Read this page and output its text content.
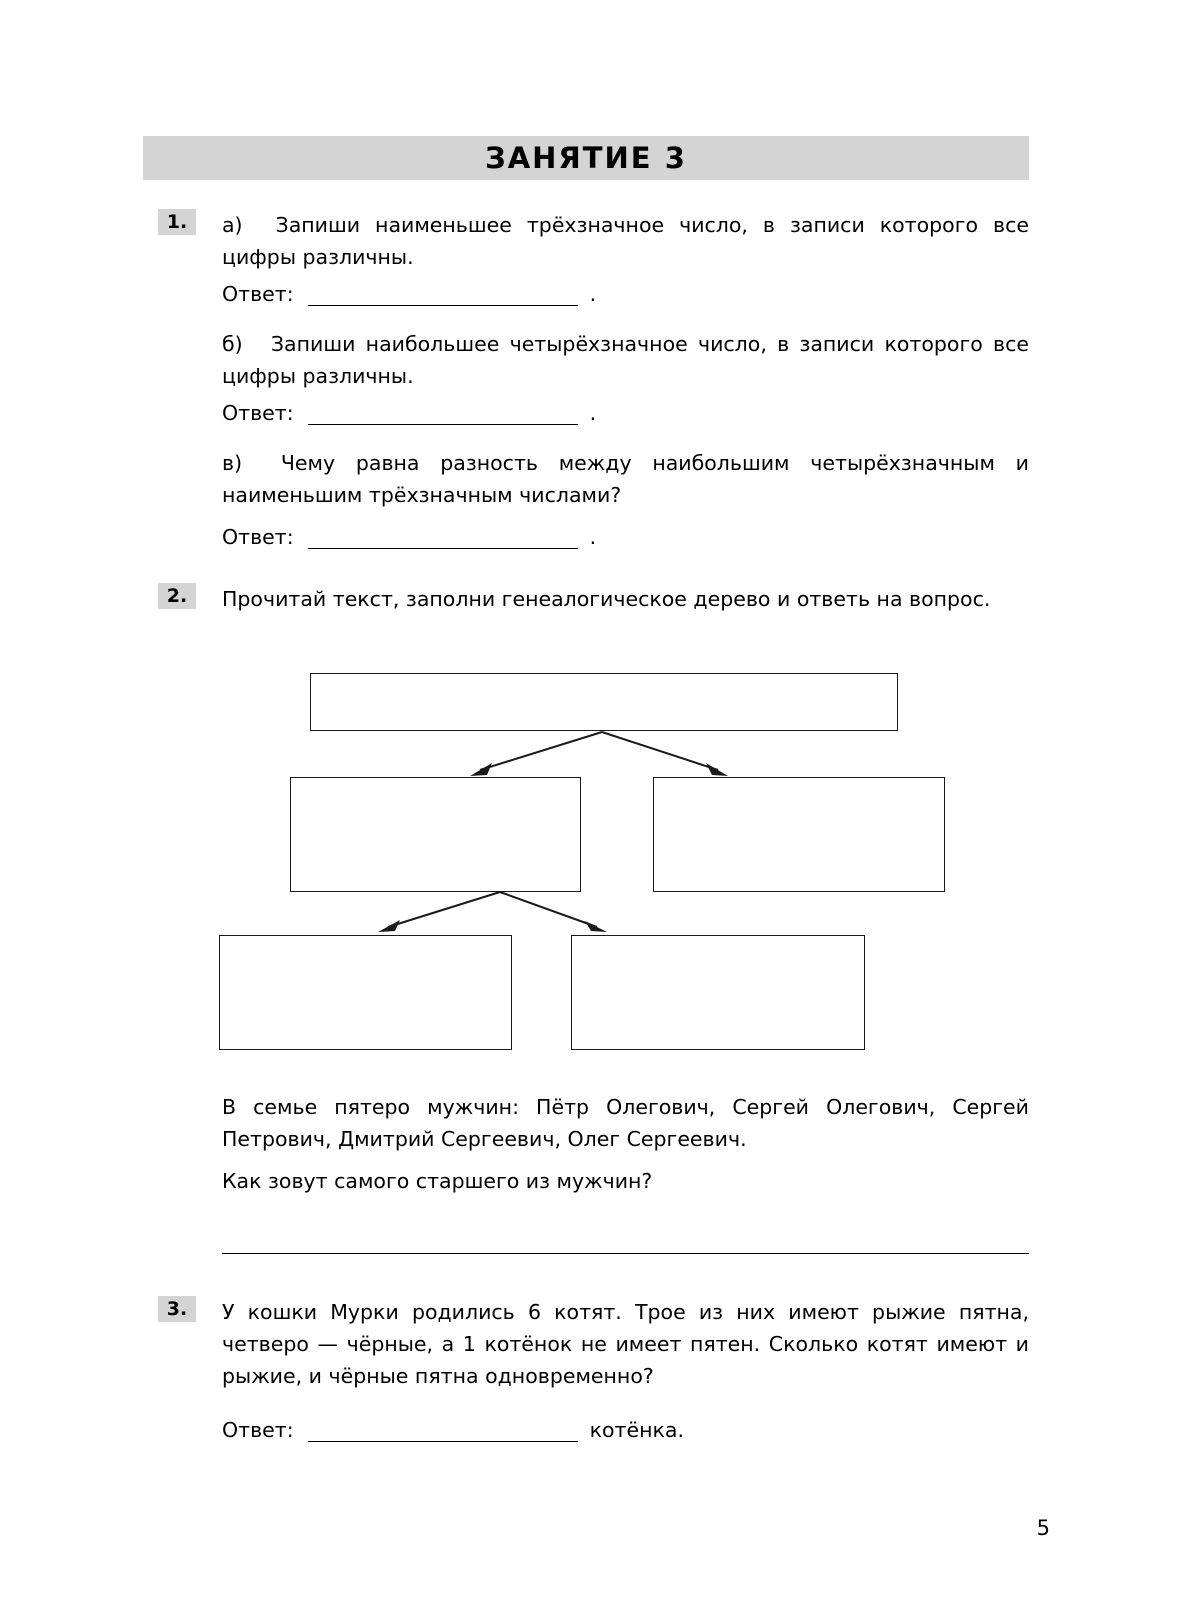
ЗАНЯТИЕ 3
1.	а) Запиши наименьшее трёхзначное число, в записи которого все цифры различны.
Ответ:	.
б) Запиши наибольшее четырёхзначное число, в записи которого все цифры различны.
Ответ:	.
в) Чему равна разность между наибольшим четырёхзначным и наименьшим трёхзначным числами?
Ответ:	.
2.	Прочитай текст, заполни генеалогическое дерево и ответь на вопрос.
В семье пятеро мужчин: Пётр Олегович, Сергей Олегович, Сергей Петрович, Дмитрий Сергеевич, Олег Сергеевич.
Как зовут самого старшего из мужчин?
3.	У кошки Мурки родились 6 котят. Трое из них имеют рыжие пятна, четверо — чёрные, а 1 котёнок не имеет пятен. Сколько котят имеют и рыжие, и чёрные пятна одновременно?
Ответ:	котёнка.
5
